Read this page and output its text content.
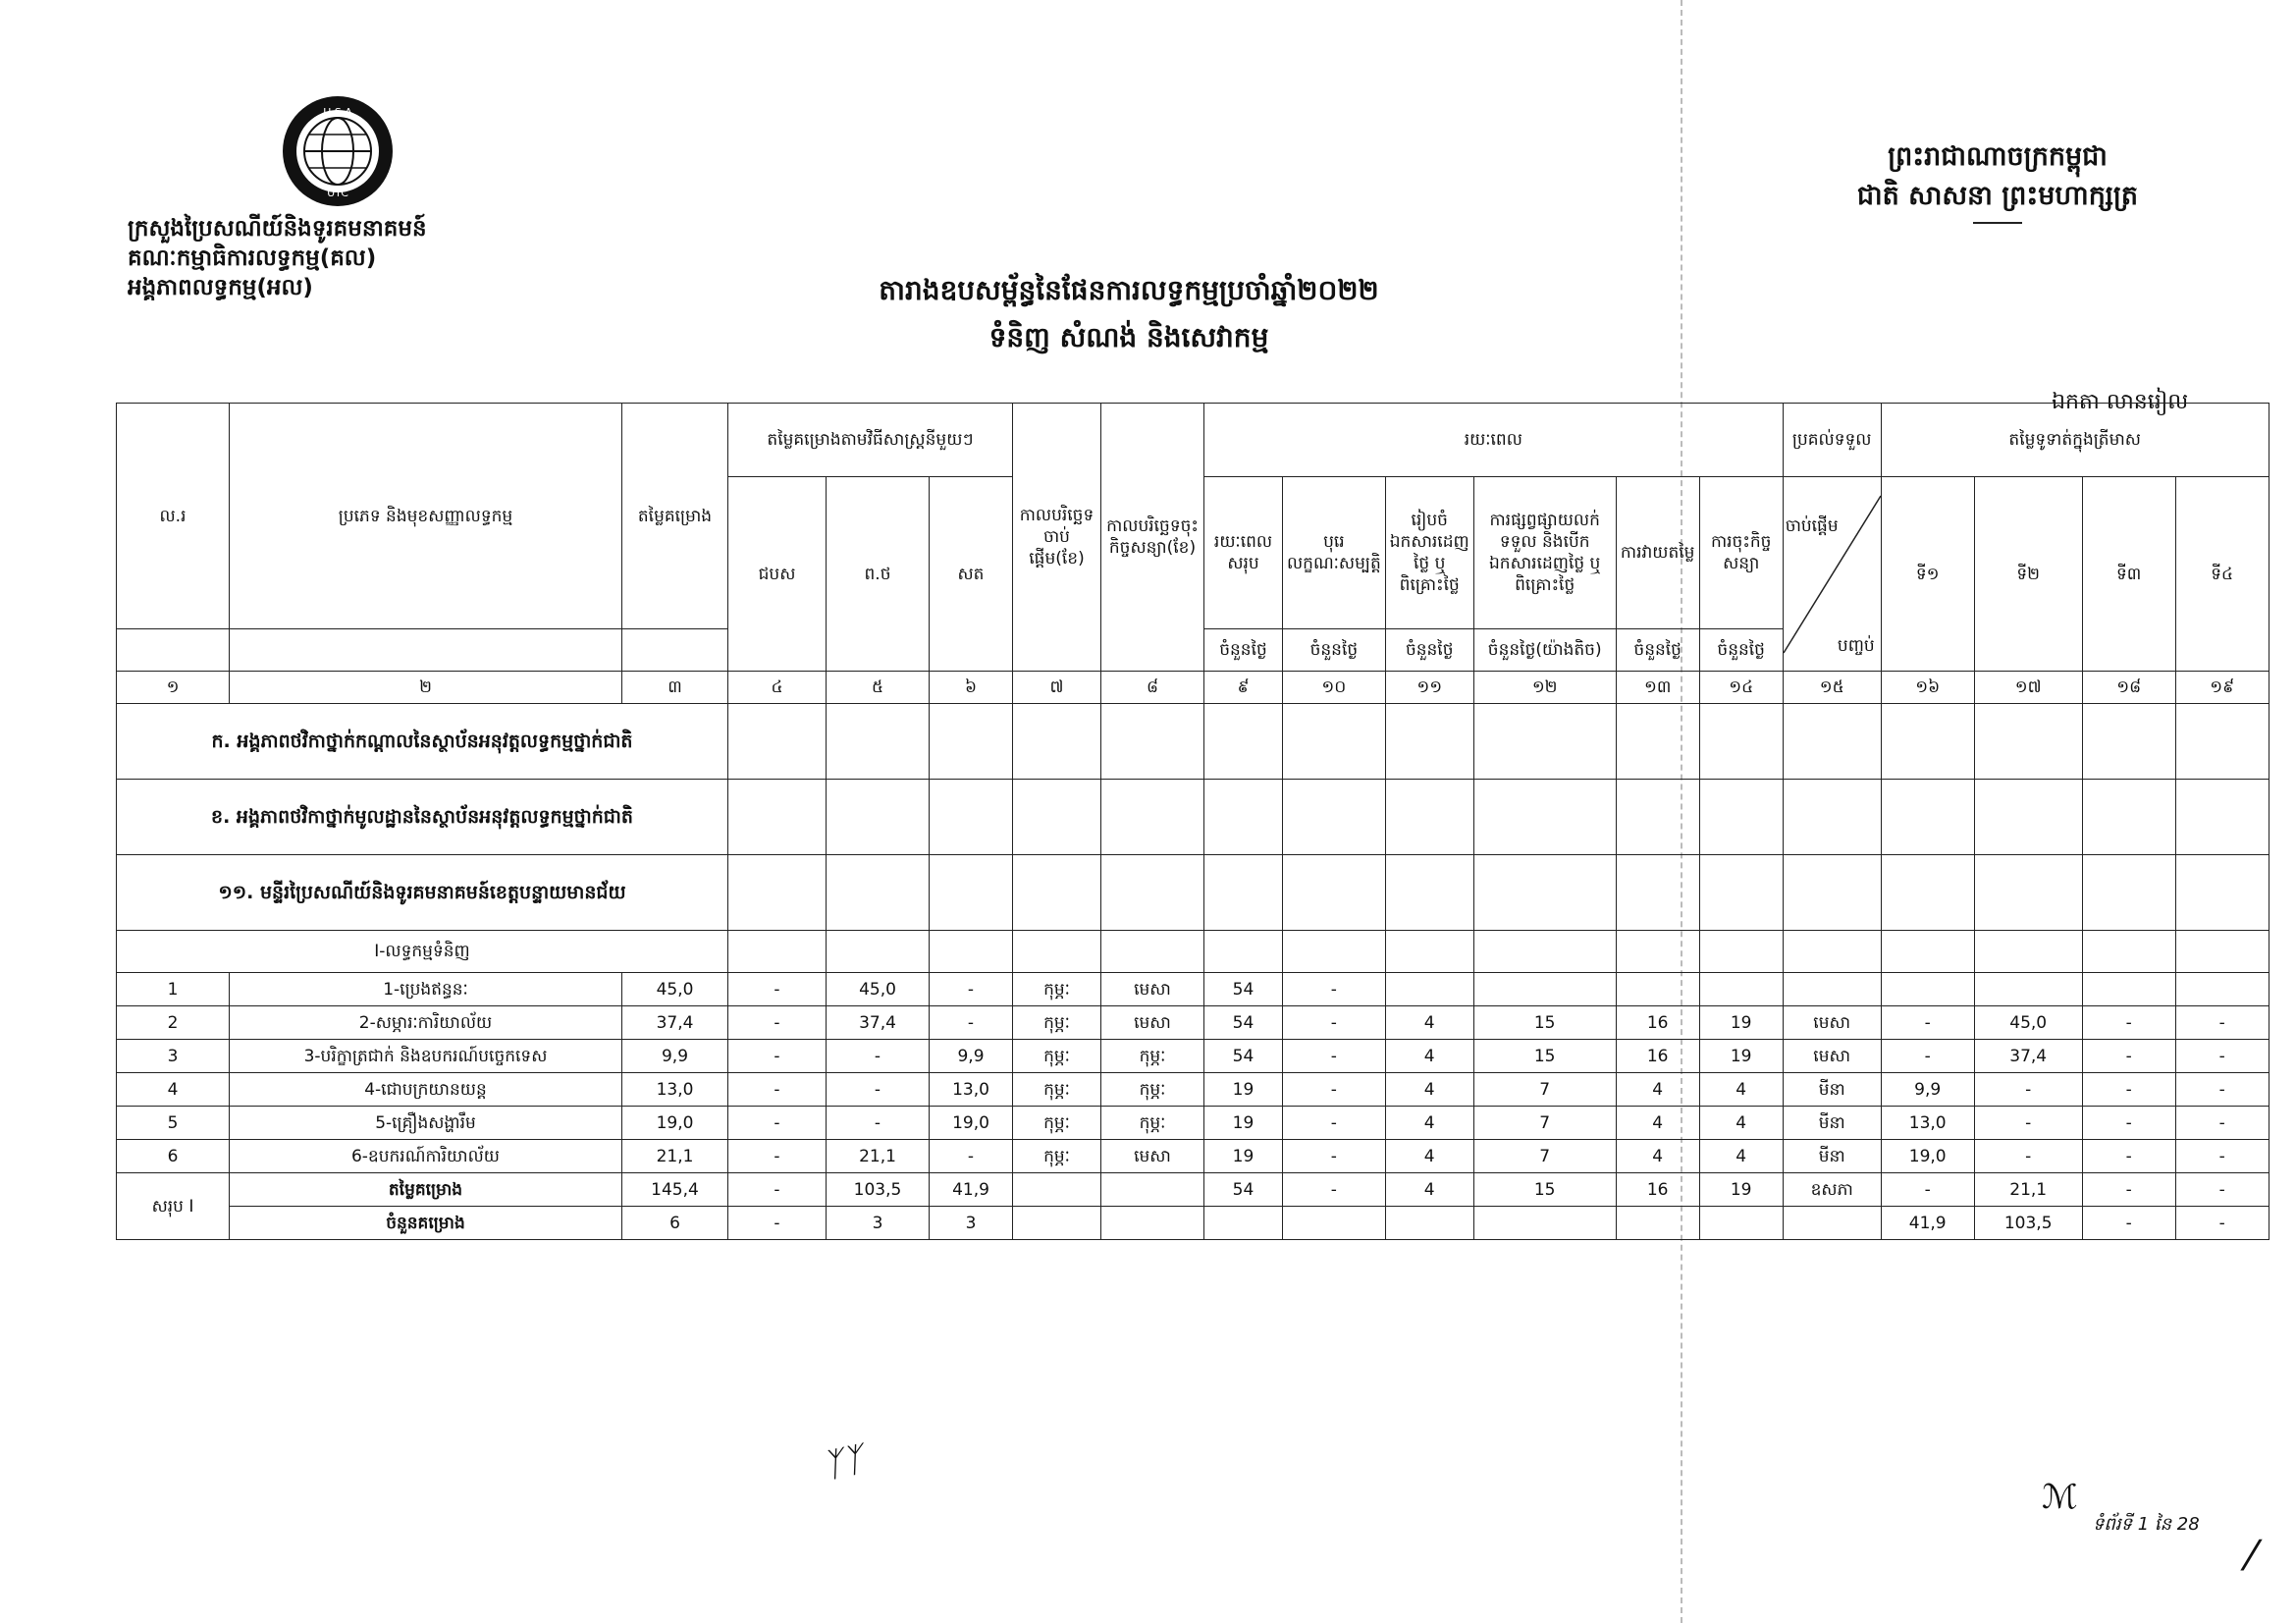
U·S·A
UTC
ក្រសួងប្រៃសណីយ៍និងទូរគមនាគមន៍
គណៈកម្មាធិការលទ្ធកម្ម(គល)
អង្គភាពលទ្ធកម្ម(អល)
ព្រះរាជាណាចក្រកម្ពុជា
ជាតិ សាសនា ព្រះមហាក្សត្រ
តារាងឧបសម្ព័ន្ធនៃផែនការលទ្ធកម្មប្រចាំឆ្នាំ២០២២
ទំនិញ សំណង់ និងសេវាកម្ម
ឯកតា លានរៀល
ល.រ	ប្រភេទ និងមុខសញ្ញាលទ្ធកម្ម	តម្លៃគម្រោង	តម្លៃគម្រោងតាមវិធីសាស្ត្រនីមួយៗ			កាលបរិច្ឆេទចាប់ផ្តើម(ខែ)	កាលបរិច្ឆេទចុះកិច្ចសន្យា(ខែ)	រយៈពេល						ប្រគល់ទទួល	តម្លៃទូទាត់ក្នុងត្រីមាស			

			ជបស	ព.ថ	សត			រយៈពេលសរុប	បុរេលក្ខណៈសម្បត្តិ	រៀបចំឯកសារដេញថ្លៃ ឬ ពិគ្រោះថ្លៃ	ការផ្សព្វផ្សាយលក់ ទទួល និងបើកឯកសារដេញថ្លៃ ឬ ពិគ្រោះថ្លៃ	ការវាយតម្លៃ	ការចុះកិច្ចសន្យា	ចាប់ផ្តើម
បញ្ចប់	ទី១	ទី២	ទី៣	ទី៤
								ចំនួនថ្ងៃ	ចំនួនថ្ងៃ	ចំនួនថ្ងៃ	ចំនួនថ្ងៃ(យ៉ាងតិច)	ចំនួនថ្ងៃ	ចំនួនថ្ងៃ					
១	២	៣	៤	៥	៦	៧	៨	៩	១០	១១	១២	១៣	១៤	១៥	១៦	១៧	១៨	១៩
ក. អង្គភាពថវិកាថ្នាក់កណ្តាលនៃស្ថាប័នអនុវត្តលទ្ធកម្មថ្នាក់ជាតិ																		
ខ. អង្គភាពថវិកាថ្នាក់មូលដ្ឋាននៃស្ថាប័នអនុវត្តលទ្ធកម្មថ្នាក់ជាតិ																		
១១. មន្ទីរប្រៃសណីយ៍និងទូរគមនាគមន៍ខេត្តបន្ទាយមានជ័យ																		
I-លទ្ធកម្មទំនិញ																		
1	1-ប្រេងឥន្ធនៈ	45,0	-	45,0	-	កុម្ភៈ	មេសា	54	-									
2	2-សម្ភារៈការិយាល័យ	37,4	-	37,4	-	កុម្ភៈ	មេសា	54	-	4	15	16	19	មេសា	-	45,0	-	-
3	3-បរិក្ខាត្រជាក់ និងឧបករណ៍បច្ចេកទេស	9,9	-	-	9,9	កុម្ភៈ	កុម្ភៈ	54	-	4	15	16	19	មេសា	-	37,4	-	-
4	4-ជោបក្រយានយន្ត	13,0	-	-	13,0	កុម្ភៈ	កុម្ភៈ	19	-	4	7	4	4	មីនា	9,9	-	-	-
5	5-គ្រឿងសង្ហារឹម	19,0	-	-	19,0	កុម្ភៈ	កុម្ភៈ	19	-	4	7	4	4	មីនា	13,0	-	-	-
6	6-ឧបករណ៍ការិយាល័យ	21,1	-	21,1	-	កុម្ភៈ	មេសា	19	-	4	7	4	4	មីនា	19,0	-	-	-
សរុប I	តម្លៃគម្រោង	145,4	-	103,5	41,9			54	-	4	15	16	19	ឧសភា	-	21,1	-	-
	ចំនួនគម្រោង	6	-	3	3										41,9	103,5	-	-
ᛉᛉ
ℳ
ទំព័រទី 1 នៃ 28
⁄
